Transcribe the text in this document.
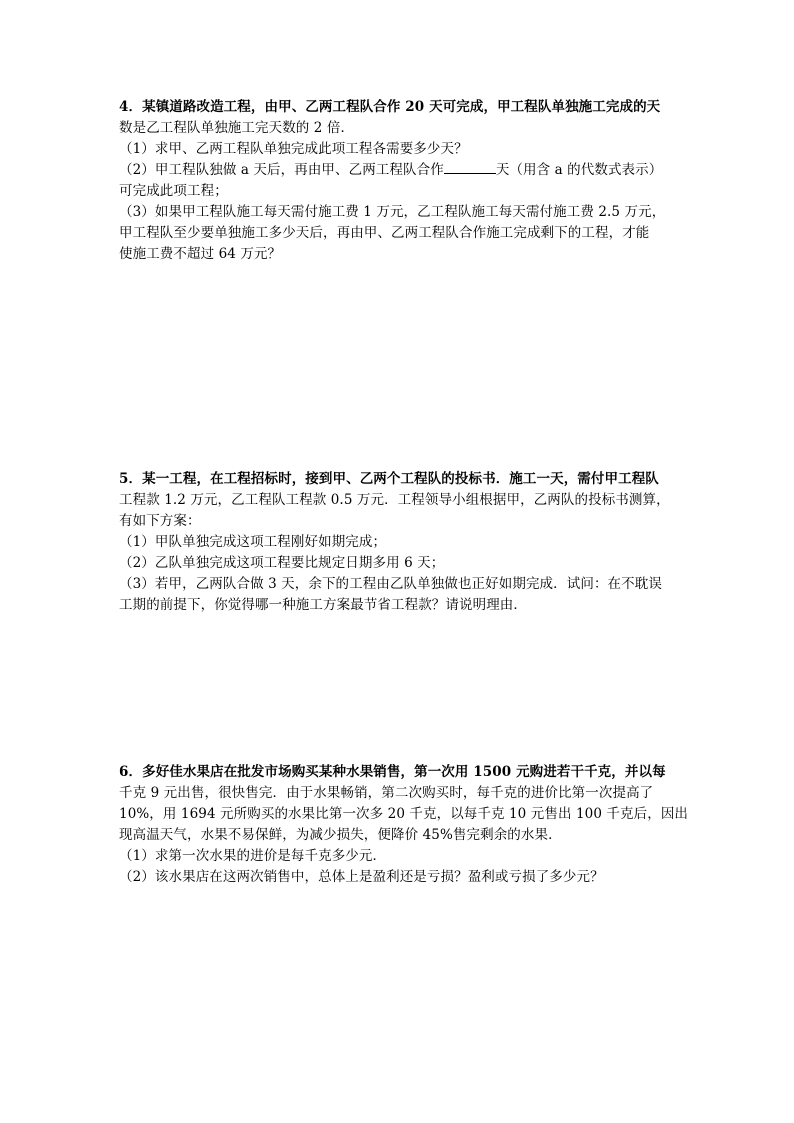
4．某镇道路改造工程，由甲、乙两工程队合作 20 天可完成，甲工程队单独施工完成的天
数是乙工程队单独施工完天数的 2 倍．
（1）求甲、乙两工程队单独完成此项工程各需要多少天？
（2）甲工程队独做 a 天后，再由甲、乙两工程队合作	天（用含 a 的代数式表示）
可完成此项工程；
（3）如果甲工程队施工每天需付施工费 1 万元，乙工程队施工每天需付施工费 2.5 万元，
甲工程队至少要单独施工多少天后，再由甲、乙两工程队合作施工完成剩下的工程，才能
使施工费不超过 64 万元？
5．某一工程，在工程招标时，接到甲、乙两个工程队的投标书．施工一天，需付甲工程队
工程款 1.2 万元，乙工程队工程款 0.5 万元．工程领导小组根据甲，乙两队的投标书测算，
有如下方案：
（1）甲队单独完成这项工程刚好如期完成；
（2）乙队单独完成这项工程要比规定日期多用 6 天；
（3）若甲，乙两队合做 3 天，余下的工程由乙队单独做也正好如期完成．试问：在不耽误
工期的前提下，你觉得哪一种施工方案最节省工程款？请说明理由．
6．多好佳水果店在批发市场购买某种水果销售，第一次用 1500 元购进若干千克，并以每
千克 9 元出售，很快售完．由于水果畅销，第二次购买时，每千克的进价比第一次提高了
10%，用 1694 元所购买的水果比第一次多 20 千克，以每千克 10 元售出 100 千克后，因出
现高温天气，水果不易保鲜，为减少损失，便降价 45%售完剩余的水果．
（1）求第一次水果的进价是每千克多少元．
（2）该水果店在这两次销售中，总体上是盈利还是亏损？盈利或亏损了多少元？
